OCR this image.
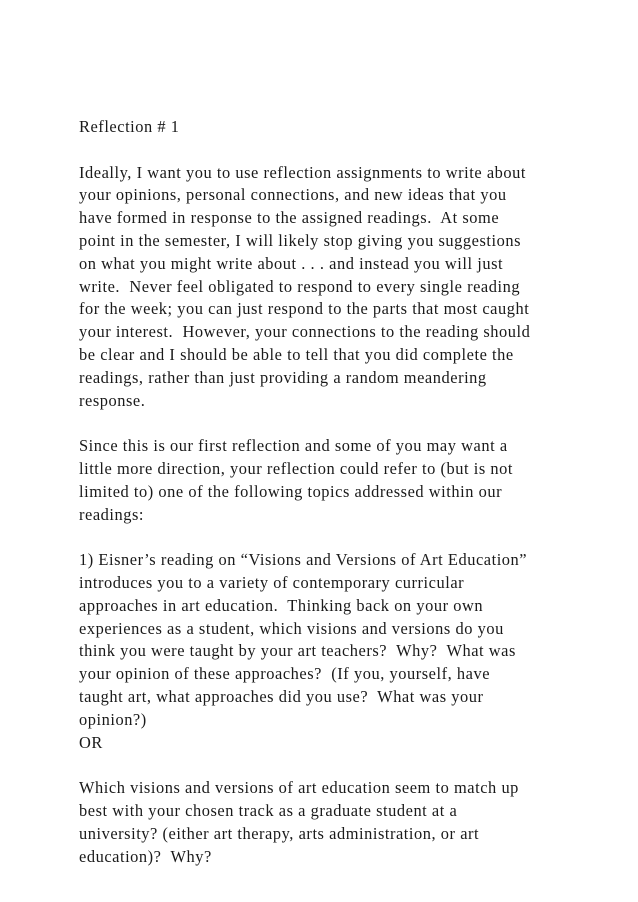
Reflection # 1
Ideally, I want you to use reflection assignments to write about
your opinions, personal connections, and new ideas that you
have formed in response to the assigned readings.  At some
point in the semester, I will likely stop giving you suggestions
on what you might write about . . . and instead you will just
write.  Never feel obligated to respond to every single reading
for the week; you can just respond to the parts that most caught
your interest.  However, your connections to the reading should
be clear and I should be able to tell that you did complete the
readings, rather than just providing a random meandering
response.
Since this is our first reflection and some of you may want a
little more direction, your reflection could refer to (but is not
limited to) one of the following topics addressed within our
readings:
1) Eisner’s reading on “Visions and Versions of Art Education”
introduces you to a variety of contemporary curricular
approaches in art education.  Thinking back on your own
experiences as a student, which visions and versions do you
think you were taught by your art teachers?  Why?  What was
your opinion of these approaches?  (If you, yourself, have
taught art, what approaches did you use?  What was your
opinion?)
OR
Which visions and versions of art education seem to match up
best with your chosen track as a graduate student at a
university? (either art therapy, arts administration, or art
education)?  Why?
